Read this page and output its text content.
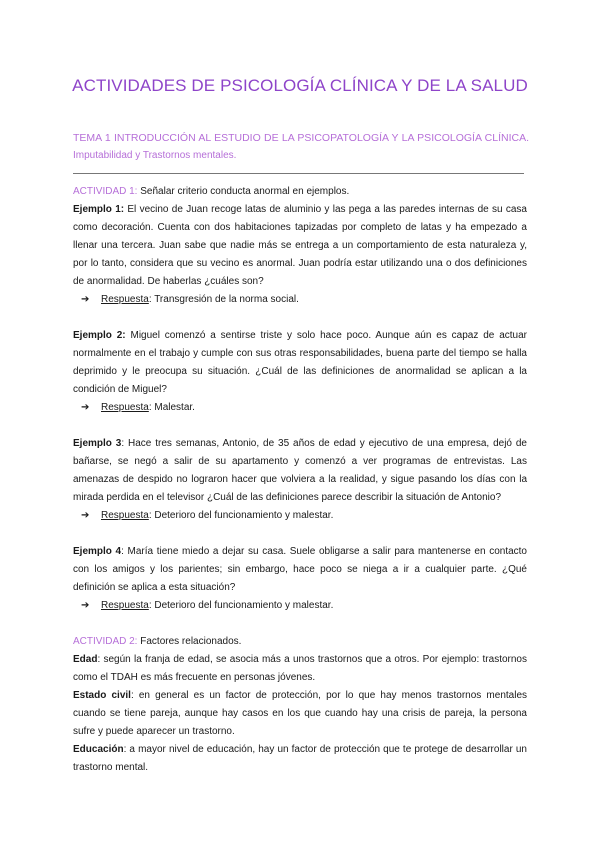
ACTIVIDADES DE PSICOLOGÍA CLÍNICA Y DE LA SALUD
TEMA 1 INTRODUCCIÓN AL ESTUDIO DE LA PSICOPATOLOGÍA Y LA PSICOLOGÍA CLÍNICA. Imputabilidad y Trastornos mentales.

ACTIVIDAD 1: Señalar criterio conducta anormal en ejemplos.

Ejemplo 1: El vecino de Juan recoge latas de aluminio y las pega a las paredes internas de su casa como decoración. Cuenta con dos habitaciones tapizadas por completo de latas y ha empezado a llenar una tercera. Juan sabe que nadie más se entrega a un comportamiento de esta naturaleza y, por lo tanto, considera que su vecino es anormal. Juan podría estar utilizando una o dos definiciones de anormalidad. De haberlas ¿cuáles son?

➔ Respuesta: Transgresión de la norma social.

Ejemplo 2: Miguel comenzó a sentirse triste y solo hace poco. Aunque aún es capaz de actuar normalmente en el trabajo y cumple con sus otras responsabilidades, buena parte del tiempo se halla deprimido y le preocupa su situación. ¿Cuál de las definiciones de anormalidad se aplican a la condición de Miguel?

➔ Respuesta: Malestar.

Ejemplo 3: Hace tres semanas, Antonio, de 35 años de edad y ejecutivo de una empresa, dejó de bañarse, se negó a salir de su apartamento y comenzó a ver programas de entrevistas. Las amenazas de despido no lograron hacer que volviera a la realidad, y sigue pasando los días con la mirada perdida en el televisor ¿Cuál de las definiciones parece describir la situación de Antonio?

➔ Respuesta: Deterioro del funcionamiento y malestar.

Ejemplo 4: María tiene miedo a dejar su casa. Suele obligarse a salir para mantenerse en contacto con los amigos y los parientes; sin embargo, hace poco se niega a ir a cualquier parte. ¿Qué definición se aplica a esta situación?

➔ Respuesta: Deterioro del funcionamiento y malestar.

ACTIVIDAD 2: Factores relacionados.

Edad: según la franja de edad, se asocia más a unos trastornos que a otros. Por ejemplo: trastornos como el TDAH es más frecuente en personas jóvenes.

Estado civil: en general es un factor de protección, por lo que hay menos trastornos mentales cuando se tiene pareja, aunque hay casos en los que cuando hay una crisis de pareja, la persona sufre y puede aparecer un trastorno.

Educación: a mayor nivel de educación, hay un factor de protección que te protege de desarrollar un trastorno mental.
